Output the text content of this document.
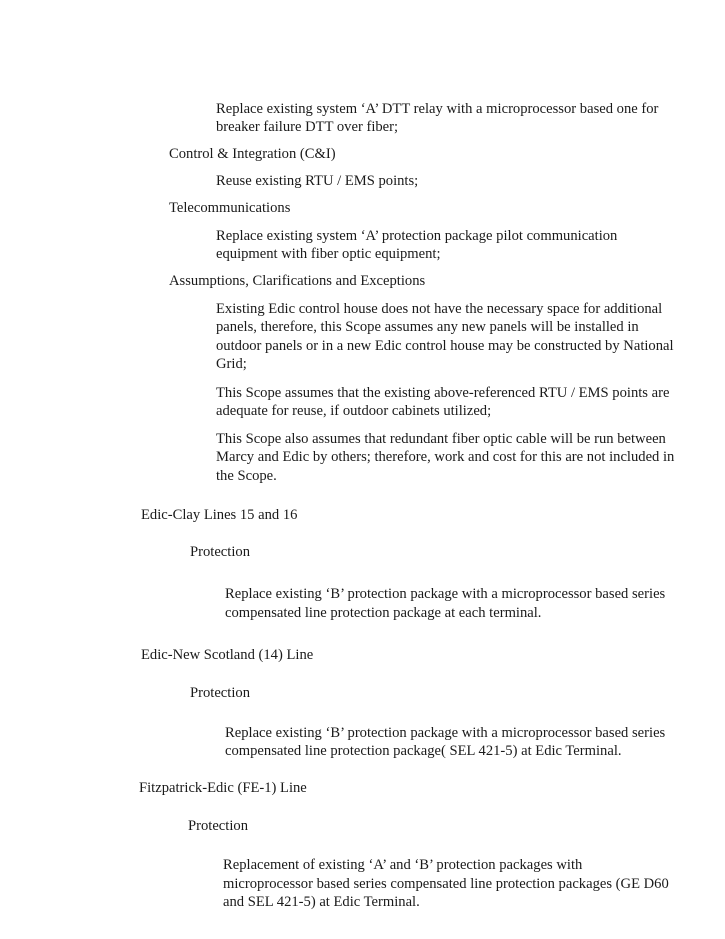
Replace existing system ‘A’ DTT relay with a microprocessor based one for
breaker failure DTT over fiber;
Control & Integration (C&I)
Reuse existing RTU / EMS points;
Telecommunications
Replace existing system ‘A’ protection package pilot communication
equipment with fiber optic equipment;
Assumptions, Clarifications and Exceptions
Existing Edic control house does not have the necessary space for additional
panels, therefore, this Scope assumes any new panels will be installed in
outdoor panels or in a new Edic control house may be constructed by National
Grid;
This Scope assumes that the existing above-referenced RTU / EMS points are
adequate for reuse, if outdoor cabinets utilized;
This Scope also assumes that redundant fiber optic cable will be run between
Marcy and Edic by others; therefore, work and cost for this are not included in
the Scope.
Edic-Clay Lines 15 and 16
Protection
Replace existing ‘B’ protection package with a microprocessor based series
compensated line protection package at each terminal.
Edic-New Scotland (14) Line
Protection
Replace existing ‘B’ protection package with a microprocessor based series
compensated line protection package( SEL 421-5) at Edic Terminal.
Fitzpatrick-Edic (FE-1) Line
Protection
Replacement of existing ‘A’ and ‘B’ protection packages with
microprocessor based series compensated line protection packages (GE D60
and SEL 421-5) at Edic Terminal.
